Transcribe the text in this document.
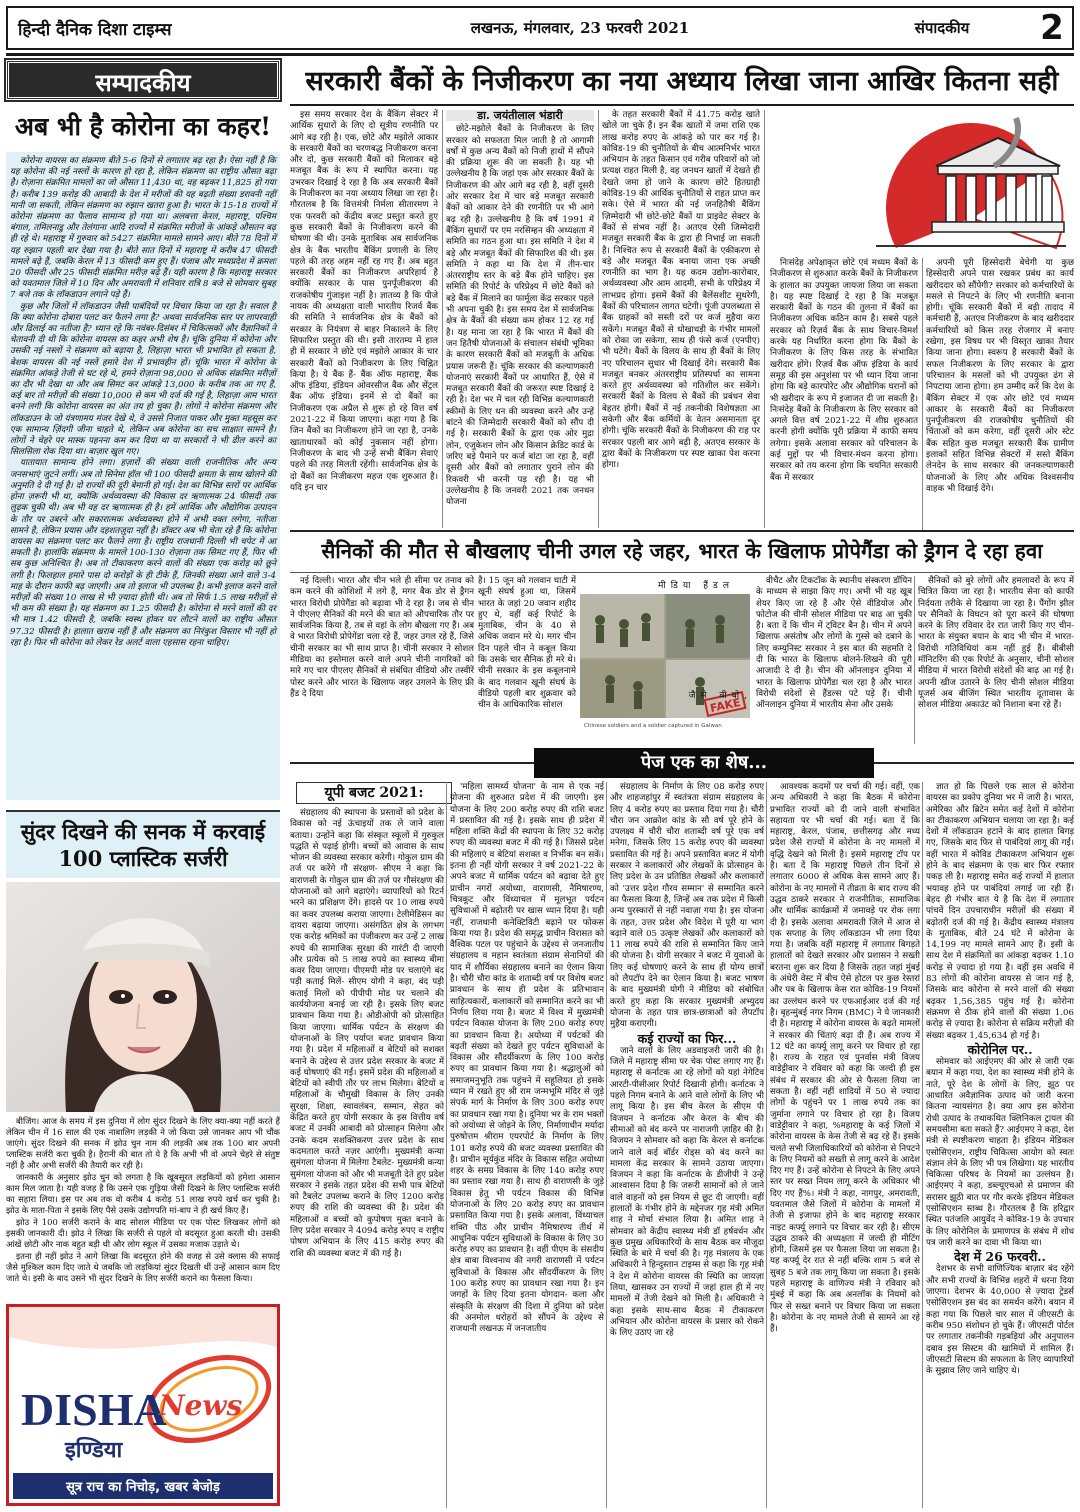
हिन्दी दैनिक दिशा टाइम्स	लखनऊ, मंगलवार, 23 फरवरी 2021	संपादकीय	2
सम्पादकीय
अब भी है कोरोना का कहर!

कोरोना वायरस का संक्रमण बीते 5-6 दिनों से लगातार बढ़ रहा है। ऐसा नहीं है कि यह कोरोना की नई नस्लों के कारण हो रहा है, लेकिन संक्रमण का राष्ट्रीय औसत बढ़ा है। रोज़ाना संक्रमित मामलों का जो औसत 11,430 था, वह बढ़कर 11,825 हो गया है। करीब 139 करोड़ की आबादी के देश में मरीजों की यह बढ़ती संख्या डरावनी नहीं मानी जा सकती, लेकिन संक्रमण का रुझान खतरा हुआ है। भारत के 15-18 राज्यों में कोरोना संक्रमण का फैलाव सामान्य हो गया था। अलबत्ता केरल, महाराष्ट्र, पश्चिम बंगाल, तमिलनाडु और तेलंगाना आदि राज्यों में संक्रमित मरीजों के आंकड़े औसतन बढ़ ही रहे थे। महाराष्ट्र में गुरुवार को 5427 संक्रमित मामले सामने आए। बीते 78 दिनों में यह रुझान पहली बार देखा गया है। बीते सात दिनों में महाराष्ट्र में करीब 47 फीसदी मामले बढ़े हैं, जबकि केरल में 13 फीसदी कम हुए हैं। पंजाब और मध्यप्रदेश में क्रमशः 20 फीसदी और 25 फीसदी संक्रमित मरीज़ बढ़े हैं। यही कारण है कि महाराष्ट्र सरकार को यवतमाल जिले में 10 दिन और अमरावती में शनिवार रात्रि 8 बजे से सोमवार सुबह 7 बजे तक के लॉकडाउन लगाने पड़े हैं।

कुछ और जिलों में लॉकडाउन जैसी पाबंदियों पर विचार किया जा रहा है। सवाल है कि क्या कोरोना दोबारा पलट कर फैलने लगा है? अथवा सार्वजनिक स्तर पर लापरवाही और ढिलाई का नतीजा है? ध्यान रहे कि नवंबर-दिसंबर में चिकित्सकों और वैज्ञानिकों ने चेतावनी दी थी कि कोरोना वायरस का कहर अभी शेष है। चूंकि दुनिया में कोरोना और उसकी नई नस्लों ने संक्रमण को बढ़ाया है, लिहाज़ा भारत भी प्रभावित हो सकता है, बेशक वायरस की नई नस्लें हमारे देश में प्रभावहीन हों। चूंकि भारत में कोरोना के संक्रमित आंकड़े तेजी से घट रहे थे, हमने रोज़ाना 98,000 से अधिक संक्रमित मरीज़ों का दौर भी देखा था और अब सिमट कर आंकड़े 13,000 के करीब तक आ गए हैं, कई बार तो मरीज़ों की संख्या 10,000 से कम भी दर्ज की गई है, लिहाज़ा आम भारत बनने लगी कि कोरोना वायरस का अंत तय हो चुका है। लोगों ने कोरोना संक्रमण और लॉकडाउन के जो यंत्रणामय मंजर देखे थे, वे उससे निजात पाकर और मुक्त महसूस कर एक सामान्य ज़िंदगी जीना चाहते थे, लेकिन अब कोरोना का सच साक्षात सामने है। लोगों ने चेहरे पर मास्क पहनना कम कर दिया था या सरकारों ने भी ढील करने का सिलसिला रोक दिया था। बाज़ार खुल गए।

यातायात सामान्य होने लगा। हज़ारों की संख्या वाली राजनीतिक और अन्य जनसभाएं जुटने लगीं। अब तो सिनेमा हॉल भी 100 फीसदी क्षमता के साथ खोलने की अनुमति दे दी गई है। दो राज्यों की दूरी बेमानी हो गई। देश का विभिन्न स्तरों पर आर्थिक होना ज़रूरी भी था, क्योंकि अर्थव्यवस्था की विकास दर ऋणात्मक 24 फीसदी तक लुढ़क चुकी थी। अब भी वह दर ऋणात्मक ही है। हमें आर्थिक और औद्योगिक उत्पादन के तौर पर उबरने और सकारात्मक अर्थव्यवस्था होने में अभी वक्त लगेगा, नतीजा सामने है, लेकिन प्रयास और दहशतज़ुदा नहीं है। डॉक्टर अब भी चेता रहे हैं कि कोरोना वायरस का संक्रमण पलट कर फैलने लगा है। राष्ट्रीय राजधानी दिल्ली भी चपेट में आ सकती है। हालांकि संक्रमण के मामले 100-130 रोज़ाना तक सिमट गए हैं, फिर भी सब कुछ अनिश्चित है। अब तो टीकाकरण करने वालों की संख्या एक करोड़ को छूने लगी है। फिलहाल हमारे पास दो करोड़ों के ही टीके हैं, जिनकी संख्या आने वाले 3-4 माह के दौरान काफी बढ़ जाएगी। अब तो इलाज भी उपलब्ध है। कभी इलाज करने वाले मरीज़ों की संख्या 10 लाख से भी ज़्यादा होती थी। अब तो सिर्फ 1.5 लाख मरीज़ों से भी कम की संख्या है। यह संक्रमण का 1.25 फीसदी है। कोरोना से मरने वालों की दर भी मात्र 1.42 फीसदी है, जबकि स्वस्थ होकर घर लौटने वालों का राष्ट्रीय औसत 97.32 फीसदी है। हालात खराब नहीं हैं और संक्रमण का निरंकुश विस्तार भी नहीं हो रहा है। फिर भी कोरोना को लेकर रेड अलर्ट वाला एहसास रहना चाहिए।

सुंदर दिखने की सनक में करवाई 100 प्लास्टिक सर्जरी

बीजिंग। आज के समय में इस दुनिया में लोग सुंदर दिखने के लिए क्या-क्या नहीं करते हैं लेकिन चीन में 16 साल की एक नाबालिग लड़की ने जो किया उसे जानकर आप भी चौंक जाएंगे। सुंदर दिखने की सनक में झोउ चुन नाम की लड़की अब तक 100 बार अपनी प्लास्टिक सर्जरी करा चुकी है। हैरानी की बात तो ये है कि अभी भी वो अपने चेहरे से संतुष्ट नहीं है और अभी सर्जरी की तैयारी कर रही है।

जानकारी के अनुसार झोउ चुन को लगता है कि खूबसूरत लड़कियों को हमेशा आसान काम मिल जाता है। यही वजह है कि उसने एक गुड़िया जैसी दिखने के लिए प्लास्टिक सर्जरी का सहारा लिया। इस पर अब तक वो करीब 4 करोड़ 51 लाख रुपये खर्च कर चुकी है। झोउ के माता-पिता ने इसके लिए पैसे उसके उद्योगपति मां-बाप ने ही खर्च किए हैं।

झोउ ने 100 सर्जरी कराने के बाद सोशल मीडिया पर एक पोस्ट लिखकर लोगों को इसकी जानकारी दी। झोउ ने लिखा कि सर्जरी से पहले वो बदसूरत हुआ करती थी। उसकी आंखें छोटी और नाक बहुत बड़ी थी और लोग स्कूल में उसका मजाक उड़ाते थे।

इतना ही नहीं झोउ ने आगे लिखा कि बदसूरत होने की वजह से उसे क्लास की सफाई जैसे मुश्किल काम दिए जाते थे जबकि जो लड़कियां सुंदर दिखती थीं उन्हें आसान काम दिए जाते थे। इसी के बाद उसने भी सुंदर दिखने के लिए सर्जरी कराने का फैसला किया।

DISHA
News
इण्डिया
सूत्र राच का निचोड़, खबर बेजोड़
सरकारी बैंकों के निजीकरण का नया अध्याय लिखा जाना आखिर कितना सही

इस समय सरकार देश के बैंकिंग सेक्टर में आर्थिक सुधारों के लिए दो सूत्रीय रणनीति पर आगे बढ़ रही है। एक, छोटे और मझोले आकार के सरकारी बैंकों का चरणबद्ध निजीकरण करना और दो, कुछ सरकारी बैंकों को मिलाकर बड़े मजबूत बैंक के रूप में स्थापित करना। यह उभरकर दिखाई दे रहा है कि अब सरकारी बैंकों के निजीकरण का नया अध्याय लिखा जा रहा है। गौरतलब है कि वित्तमंत्री निर्मला सीतारमण ने एक फरवरी को केंद्रीय बजट प्रस्तुत करते हुए कुछ सरकारी बैंकों के निजीकरण करने की घोषणा की थी। उनके मुताबिक अब सार्वजनिक क्षेत्र के बैंक भारतीय बैंकिंग प्रणाली के लिए पहले की तरह अहम नहीं रह गए हैं। अब बहुत सरकारी बैंकों का निजीकरण अपरिहार्य है क्योंकि सरकार के पास पुनर्पूंजीकरण की राजकोषीय गुंजाइश नहीं है। ज्ञातव्य है कि पीजे नायक की अध्यक्षता वाली भारतीय रिजर्व बैंक की समिति ने सार्वजनिक क्षेत्र के बैंकों को सरकार के नियंत्रण से बाहर निकालने के लिए सिफारिश प्रस्तुत की थी। इसी तारतम्य में हाल ही में सरकार ने छोटे एवं मझोले आकार के चार सरकारी बैंकों को निजीकरण के लिए चिह्नित किया है। ये बैंक हैं- बैंक ऑफ महाराष्ट्र, बैंक ऑफ इंडिया, इंडियन ओवरसीज बैंक और सेंट्रल बैंक ऑफ इंडिया। इनमें से दो बैंकों का निजीकरण एक अप्रैल से शुरू हो रहे वित्त वर्ष 2021-22 में किया जाएगा। कहा गया है कि जिन बैंकों का निजीकरण होने जा रहा है, उनके खाताधारकों को कोई नुकसान नहीं होगा। निजीकरण के बाद भी उन्हें सभी बैंकिंग सेवाएं पहले की तरह मिलती रहेंगी। सार्वजनिक क्षेत्र के दो बैंकों का निजीकरण महज एक शुरुआत है। यदि इन चार

डा. जयंतीलाल भंडारी

छोटे-मझोले बैंकों के निजीकरण के लिए सरकार को सफलता मिल जाती है तो आगामी वर्षों में कुछ अन्य बैंकों को निजी हाथों में सौंपने की प्रक्रिया शुरू की जा सकती है। यह भी उल्लेखनीय है कि जहां एक ओर सरकार बैंकों के निजीकरण की ओर आगे बढ़ रही है, वहीं दूसरी ओर सरकार देश में चार बड़े मजबूत सरकारी बैंकों को आकार देने की रणनीति पर भी आगे बढ़ रही है। उल्लेखनीय है कि वर्ष 1991 में बैंकिंग सुधारों पर एम नरसिम्हन की अध्यक्षता में समिति का गठन हुआ था। इस समिति ने देश में बड़े और मजबूत बैंकों की सिफारिश की थी। इस समिति ने कहा था कि देश में तीन-चार अंतरराष्ट्रीय स्तर के बड़े बैंक होने चाहिए। इस समिति की रिपोर्ट के परिप्रेक्ष्य में छोटे बैंकों को बड़े बैंक में मिलाने का फार्मूला केंद्र सरकार पहले भी अपना चुकी है। इस समय देश में सार्वजनिक क्षेत्र के बैंकों की संख्या कम होकर 12 रह गई है। यह माना जा रहा है कि भारत में बैंकों की जन हितैषी योजनाओं के संचालन संबंधी भूमिका के कारण सरकारी बैंकों को मजबूती के अधिक प्रयास जरूरी हैं। चूंकि सरकार की कल्याणकारी योजनाएं सरकारी बैंकों पर आधारित हैं, ऐसे में मजबूत सरकारी बैंकों की जरूरत स्पष्ट दिखाई दे रही है। देश भर में चल रही विभिन्न कल्याणकारी स्कीमों के लिए धन की व्यवस्था करने और उन्हें बांटने की जिम्मेदारी सरकारी बैंकों को सौंप दी गई है। सरकारी बैंकों के द्वारा एक ओर मुद्रा लोन, एजुकेशन लोन और किसान क्रेडिट कार्ड के जरिए बड़े पैमाने पर कर्ज बांटा जा रहा है, वहीं दूसरी ओर बैंकों को लगातार पुराने लोन की रिकवरी भी करनी पड़ रही है। यह भी उल्लेखनीय है कि जनवरी 2021 तक जनधन योजना

के तहत सरकारी बैंकों में 41.75 करोड़ खाते खोले जा चुके हैं। इन बैंक खातों में जमा राशि एक लाख करोड़ रुपए के आंकड़े को पार कर गई है। कोविड-19 की चुनौतियों के बीच आत्मनिर्भर भारत अभियान के तहत किसान एवं गरीब परिवारों को जो प्रत्यक्ष राहत मिली है, वह जनधन खातों में देखते ही देखते जमा हो जाने के कारण छोटे हितग्राही कोविड-19 की आर्थिक चुनौतियों से राहत प्राप्त कर सके। ऐसे में भारत की नई जनहितैषी बैंकिंग ज़िम्मेदारी भी छोटे-छोटे बैंकों या प्राइवेट सेक्टर के बैंकों से संभव नहीं है। अतएव ऐसी जिम्मेदारी मजबूत सरकारी बैंक के द्वारा ही निभाई जा सकती है। निश्चित रूप से सरकारी बैंकों के एकीकरण से बड़े और मजबूत बैंक बनाया जाना एक अच्छी रणनीति का भाग है। यह कदम उद्योग-कारोबार, अर्थव्यवस्था और आम आदमी, सभी के परिप्रेक्ष्य में लाभप्रद होगा। इसमें बैंकों की बैलेंसशीट सुधरेगी, बैंकों की परिचालन लागत घटेगी। पूंजी उपलब्धता से बैंक ग्राहकों को सस्ती दरों पर कर्ज मुहैया करा सकेंगे। मजबूत बैंकों से धोखाधड़ी के गंभीर मामलों को रोका जा सकेगा, साथ ही फंसे कर्ज (एनपीए) भी घटेंगे। बैंकों के विलय के साथ ही बैंकों के लिए नए परिचालन सुधार भी दिखाई देंगे। सरकारी बैंक मजबूत बनकर अंतरराष्ट्रीय प्रतिस्पर्धा का सामना करते हुए अर्थव्यवस्था को गतिशील कर सकेंगे। सरकारी बैंकों के विलय से बैंकों की प्रबंधन सेवा बेहतर होगी। बैंकों में नई तकनीकी विशेषज्ञता आ सकेगी और बैंक कर्मियों के वेतन असमानता दूर होगी। चूंकि सरकारी बैंकों के निजीकरण की राह पर सरकार पहली बार आगे बढ़ी है, अतएव सरकार के द्वारा बैंकों के निजीकरण पर स्पष्ट खाका पेश करना होगा।

निःसंदेह अपेक्षाकृत छोटे एवं मध्यम बैंकों के निजीकरण से शुरुआत करके बैंकों के निजीकरण के हालात का उपयुक्त जायजा लिया जा सकता है। यह स्पष्ट दिखाई दे रहा है कि मजबूत सरकारी बैंकों के गठन की तुलना में बैंकों का निजीकरण अधिक कठिन काम है। सबसे पहले सरकार को रिज़र्व बैंक के साथ विचार-विमर्श करके यह निर्धारित करना होगा कि बैंकों के निजीकरण के लिए किस तरह के संभावित खरीदार होंगे। रिज़र्व बैंक ऑफ इंडिया के कार्य समूह की इस अनुशंसा पर भी ध्यान दिया जाना होगा कि बड़े कारपोरेट और औद्योगिक घरानों को भी खरीदार के रूप में इजाजत दी जा सकती है। निःसंदेह बैंकों के निजीकरण के लिए सरकार को अगले वित्त वर्ष 2021-22 में शीघ्र शुरुआत करनी होगी क्योंकि पूरी प्रक्रिया में काफी समय लगेगा। इसके अलावा सरकार को परिचालन के कई मुद्दों पर भी विचार-मंथन करना होगा। सरकार को तय करना होगा कि चयनित सरकारी बैंक में सरकार

अपनी पूरी हिस्सेदारी बेचेगी या कुछ हिस्सेदारी अपने पास रखकर प्रबंध का कार्य खरीददार को सौंपेगी? सरकार को कर्मचारियों के मसले से निपटने के लिए भी रणनीति बनाना होगी। चूंकि सरकारी बैंकों में बड़ी तादाद में कर्मचारी हैं, अतएव निजीकरण के बाद खरीददार कर्मचारियों को किस तरह रोजगार में बनाए रखेगा, इस विषय पर भी विस्तृत खाका तैयार किया जाना होगा। स्वरूप है सरकारी बैंकों के सफल निजीकरण के लिए सरकार के द्वारा परिचालन के मसलों को भी उपयुक्त ढंग से निपटाया जाना होगा। हम उम्मीद करें कि देश के बैंकिंग सेक्टर में एक ओर छोटे एवं मध्यम आकार के सरकारी बैंकों का निजीकरण पुनर्पूंजीकरण की राजकोषीय चुनौतियों की चिंताओं को कम करेगा, वहीं दूसरी ओर स्टेट बैंक सहित कुछ मजबूत सरकारी बैंक ग्रामीण इलाकों सहित विभिन्न सेक्टरों में सस्ते बैंकिंग लेनदेन के साथ सरकार की जनकल्याणकारी योजनाओं के लिए और अधिक विश्वसनीय वाहक भी दिखाई देंगे।

सैनिकों की मौत से बौखलाए चीनी उगल रहे जहर, भारत के खिलाफ प्रोपेगैंडा को ड्रैगन दे रहा हवा

नई दिल्ली। भारत और चीन भले ही सीमा पर तनाव को कम करने की कोशिशों में लगे हैं, मगर बैक डोर से ड्रैगन भारत विरोधी प्रोपेगैंडा को बढ़ावा भी दे रहा है। जब से चीन ने पीएलए सैनिकों की मरने की बात को औपचारिक तौर पर सार्वजनिक किया है, तब से वहां के लोग बौखला गए हैं। अब वे भारत विरोधी प्रोपेगेंडा चला रहे हैं, जहर उगल रहे हैं, जिसे चीनी सरकार का भी साथ प्राप्त है। चीनी सरकार ने सोशल मीडिया का इस्तेमाल करने वाले अपने चीनी नागरिकों को मारे गए चार पीएलए सैनिकों से संबंधित वीडियो और तस्वीरें पोस्ट करने और भारत के खिलाफ जहर उगलने के लिए फ्री हैंड दे दिया

है। 15 जून को गलवान घाटी में खूनी संघर्ष हुआ था, जिसमें भारत के जहां 20 जवान शहीद हुए थे, वहीं कई रिपोर्ट के मुताबिक, चीन के 40 से अधिक जवान मरे थे। मगर चीन दिन पहले चीन ने कबूल किया कि उसके चार सैनिक ही मरे थे। चीनी सरकार के इस कबूलनामे के बाद गलवान खूनी संघर्ष के वीडियो पहली बार शुक्रवार को चीन के आधिकारिक सोशल

मीडिया हैंडल
Chinese soldiers and a soldier captured in Galwan
FAKE
जैसे वीबो,

वीचैट और टिकटॉक के स्थानीय संस्करण डॉयिन के माध्यम से साझा किए गए। अभी भी यह खूब शेयर किए जा रहे हैं और ऐसे वीडियोज और फोटोज की चीनी सोशल मीडिया पर बाढ़ आ चुकी है। बता दें कि चीन में ट्विटर बैन है। चीन में अपने खिलाफ असंतोष और लोगों के गुस्से को दबाने के लिए कम्युनिस्ट सरकार ने इस बात की सहमति दे दी कि भारत के खिलाफ बोलने-लिखने की पूरी आजादी दे दी है। चीन की ऑनलाइन दुनिया में भारत के खिलाफ प्रोपेगैंडा चल रहा है और भारत विरोधी संदेशों से हैंडल्स पटे पड़े हैं। चीनी ऑनलाइन दुनिया में भारतीय सेना और उसके

सैनिकों को बुरे लोगों और हमलावरों के रूप में चित्रित किया जा रहा है। भारतीय सेना को काफी निर्दयता तरीके से दिखाया जा रहा है। पैंगोंग झील पर सैनिकों के विघटन को पूरा करने की घोषणा करने के लिए रविवार देर रात जारी किए गए चीन-भारत के संयुक्त बयान के बाद भी चीन में भारत-विरोधी गतिविधियां कम नहीं हुई हैं। बीबीसी मॉनिटरिंग की एक रिपोर्ट के अनुसार, चीनी सोशल मीडिया में भारत विरोधी संदेशों की बाढ़ आ गई है। अपनी खीज उतारने के लिए चीनी सोशल मीडिया यूजर्स अब बीजिंग स्थित भारतीय दूतावास के सोशल मीडिया अकाउंट को निशाना बना रहे हैं।

पेज एक का शेष...
यूपी बजट 2021:

संग्रहालय की स्थापना के प्रस्तावों को प्रदेश के विकास को नई ऊंचाइयों तक ले जाने वाला बताया। उन्होंने कहा कि संस्कृत स्कूलों में गुरुकुल पद्धति से पढ़ाई होगी। बच्चों को आवास के साथ भोजन की व्यवस्था सरकार करेगी। गोकुल ग्राम की तर्ज पर करेंगे गौ संरक्षण- सीएम ने कहा कि वाराणसी के गोकुल ग्राम की तर्ज पर गौसंरक्षण की योजनाओं को आगे बढ़ाएंगे। व्यापारियों को रिटर्न भरने का प्रशिक्षण देंगे। हादसे पर 10 लाख रुपये का कवर उपलब्ध कराया जाएगा। टेलीमेडिसन का दायरा बढ़ाया जाएगा। असंगठित क्षेत्र के लगभग एक करोड़ श्रमिकों का पंजीकरण कर उन्हें 2 लाख रुपये की सामाजिक सुरक्षा की गारंटी दी जाएगी और प्रत्येक को 5 लाख रुपये का स्वास्थ्य बीमा कवर दिया जाएगा। पीएमपी मोड पर चलाएंगे बंद पड़ी कताई मिलें- सीएम योगी ने कहा, बंद पड़ी कताई मिलों को पीपीपी मोड पर चलाने की कार्ययोजना बनाई जा रही है। इसके लिए बजट प्रावधान किया गया है। ओडीओपी को प्रोत्साहित किया जाएगा। धार्मिक पर्यटन के संरक्षण की योजनाओं के लिए पर्याप्त बजट प्रावधान किया गया है। प्रदेश में महिलाओं व बेटियों को सशक्त बनाने के उद्देश्य से उत्तर प्रदेश सरकार के बजट में कई घोषणाएं की गईं। इसमें प्रदेश की महिलाओं व बेटियों को स्वीपी तौर पर लाभ मिलेगा। बेटियों व महिलाओं के चौमुखी विकास के लिए उनकी सुरक्षा, शिक्षा, स्वावलंबन, सम्मान, सेहत को केंद्रित करते हुए योगी सरकार के इस वित्तीय वर्ष बजट में उनकी आबादी को प्रोत्साहन मिलेगा और उनके कदम सशक्तिकरण उत्तर प्रदेश के साथ कदमताल करते नज़र आएंगी। मुख्यमंत्री कन्या सुमंगला योजना में मिलेगा टैबलेट- मुख्यमंत्री कन्या सुमंगला योजना को और भी मजबूती देते हुए प्रदेश सरकार ने इसके तहत प्रदेश की सभी पात्र बेटियों को टैबलेट उपलब्ध कराने के लिए 1200 करोड़ रुपए की राशि की व्यवस्था की है। प्रदेश की महिलाओं व बच्चों को कुपोषण मुक्त बनाने के लिए प्रदेश सरकार ने 4094 करोड़ रुपए व राष्ट्रीय पोषण अभियान के लिए 415 करोड़ रुपए की राशि की व्यवस्था बजट में की गई है।

'महिला सामर्थ्य योजना' के नाम से एक नई योजना की शुरुआत प्रदेश में की जाएगी। इस योजना के लिए 200 करोड़ रुपए की राशि बजट में प्रस्तावित की गई है। इसके साथ ही प्रदेश में महिला शक्ति केंद्रों की स्थापना के लिए 32 करोड़ रुपए की व्यवस्था बजट में की गई है। जिससे प्रदेश की महिलाएं व बेटियां सशक्त व निर्भीक बन सकें। इतना ही नहीं योगी सरकार ने वर्ष 2021-22 के अपने बजट में धार्मिक पर्यटन को बढ़ावा देते हुए प्राचीन नगरों अयोध्या, वाराणसी, नैमिषारण्य, चित्रकूट और विंध्याचल में मूलभूत पर्यटन सुविधाओं में बढ़ोतरी पर खास ध्यान दिया है। यही नहीं, राजधानी कनेक्टिविटी बढ़ाने पर फोकस किया गया है। प्रदेश की समृद्ध प्राचीन विरासत को वैश्विक पटल पर पहुंचाने के उद्देश्य से जनजातीय संग्रहालय व महान स्वतंत्रता संग्राम सेनानियों की याद में शौर्यिका संग्रहालय बनाने का ऐलान किया है। चौरी चौरा कांड के शताब्दी वर्ष पर विशेष बजट प्रावधान के साथ ही प्रदेश के प्रतिभावान साहित्यकारों, कलाकारों को सम्मानित करने का भी निर्णय लिया गया है। बजट में विश्व में मुख्यमंत्री पर्यटन विकास योजना के लिए 200 करोड़ रुपए का प्रावधान किया है। अयोध्या में पर्यटकों की बढ़ती संख्या को देखते हुए पर्यटन सुविधाओं के विकास और सौंदर्यीकरण के लिए 100 करोड़ रुपए का प्रावधान किया गया है। श्रद्धालुओं को समाजमनुभूति तक पहुंचने में सहूलियत हो इसके ध्यान में रखते हुए श्री राम जन्मभूमि मंदिर से जुड़े संपर्क मार्ग के निर्माण के लिए 300 करोड़ रुपए का प्रावधान रखा गया है। दुनिया भर के राम भक्तों को अयोध्या से जोड़ने के लिए, निर्माणाधीन मर्यादा पुरुषोत्तम श्रीराम एयरपोर्ट के निर्माण के लिए 101 करोड़ रुपये की बजट व्यवस्था प्रस्तावित की है। प्राचीन सूर्यकुंड मंदिर के विकास सहित अयोध्या शहर के समग्र विकास के लिए 140 करोड़ रुपए का प्रस्ताव रखा गया है। साथ ही वाराणसी के जुड़े विकास हेतु भी पर्यटन विकास की विभिन्न योजनाओं के लिए 20 करोड़ रुपए का प्रावधान प्रस्तावित किया गया है। इसके अलावा, विंध्याचल शक्ति पीठ और प्राचीन नैमिषारण्य तीर्थ में आधुनिक पर्यटन सुविधाओं के विकास के लिए 30 करोड़ रुपए का प्रावधान है। वहीं पीएम के संसदीय क्षेत्र बाबा विश्वनाथ की नगरी वाराणसी में पर्यटन सुविधाओं के विकास और सौंदर्यीकरण के लिए 100 करोड़ रुपए का प्रावधान रखा गया है। इन जगहों के लिए दिया इतना योगदान- कला और संस्कृति के संरक्षण की दिशा में दुनिया को प्रदेश की अनमोल धरोहरों को सौंपने के उद्देश्य से राजधानी लखनऊ में जनजातीय

संग्रहालय के निर्माण के लिए 08 करोड़ रुपए और शाहजहांपुर में स्वतंत्रता संग्राम संग्रहालय के लिए 4 करोड़ रुपए का प्रस्ताव दिया गया है। चौरी चौरा जन आक्रोश कांड के सौ वर्ष पूरे होने के उपलक्ष्य में चौरी चौरा शताब्दी वर्ष पूरे एक वर्ष मनेगा, जिसके लिए 15 करोड़ रुपए की व्यवस्था प्रस्तावित की गई है। अपने प्रस्तावित बजट में योगी सरकार ने कलाकारों और लेखकों के प्रोत्साहन के लिए प्रदेश के उन प्रतिष्ठित लेखकों और कलाकारों को 'उत्तर प्रदेश गौरव सम्मान' से सम्मानित करने का फैसला किया है, जिन्हें अब तक प्रदेश में किसी अन्य पुरस्कारों से नहीं नवाज़ा गया है। इस योजना के तहत, उत्तर प्रदेश और विदेश में पूरी या भाग बढ़ाने वाले 05 उत्कृष्ट लेखकों और कलाकारों को 11 लाख रुपये की राशि से सम्मानित किए जाने की योजना है। योगी सरकार ने बजट में युवाओं के लिए कई घोषणाएं करने के साथ ही योग्य छात्रों को लैपटॉप देने का ऐलान किया है। बजट भाषण के बाद मुख्यमंत्री योगी ने मीडिया को संबोधित करते हुए कहा कि सरकार मुख्यमंत्री अभ्युदय योजना के तहत पात्र छात्र-छात्राओं को लैपटॉप मुहैया कराएगी।

कई राज्यों का फिर...

जाने वालों के लिए अडवाइजरी जारी की है। जिले में महाराष्ट्र सीमा पर चेक पोस्ट लगाए गए हैं। महाराष्ट्र से कर्नाटक आ रहे लोगों को यहां नेगेटिव आरटी-पीसीआर रिपोर्ट दिखानी होगी। कर्नाटक ने पहले निगम बनाने के आने वाले लोगों के लिए भी लागू किया है। इस बीच केरल के सीएम पी विजयन ने कर्नाटक और केरल के बीच की सीमाओं को बंद करने पर नाराजगी ज़ाहिर की है। विजयन ने सोमवार को कहा कि केरल से कर्नाटक जाने वाले कई बॉर्डर रोड्स को बंद करने का मामला केंद्र सरकार के सामने उठाया जाएगा। विजयन ने कहा कि कर्नाटक के डीजीपी ने उन्हें आश्वासन दिया है कि जरूरी सामानों को ले जाने वाले वाहनों को इस नियम से छूट दी जाएगी। वहीं हालातों के गंभीर होने के मद्देनजर गृह मंत्री अमित शाह ने मोर्चा संभाल लिया है। अमित शाह ने सोमवार को केंद्रीय स्वास्थ्य मंत्री डॉ हर्षवर्धन और कुछ प्रमुख अधिकारियों के साथ बैठक कर मौजूदा स्थिति के बारे में चर्चा की है। गृह मंत्रालय के एक अधिकारी ने हिन्दुस्तान टाइम्स से कहा कि गृह मंत्री ने देश में कोरोना वायरस की स्थिति का जायज़ा लिया, खासकर उन राज्यों में जहां हाल ही में नए मामलों में तेजी देखने को मिली है। अधिकारी ने कहा इसके साथ-साथ बैठक में टीकाकरण अभियान और कोरोना वायरस के प्रसार को रोकने के लिए उठाए जा रहे

आवश्यक कदमों पर चर्चा की गई। वहीं, एक अन्य अधिकारी ने कहा कि बैठक में कोरोना प्रभावित राज्यों को दी जाने वाली संभावित सहायता पर भी चर्चा की गई। बता दें कि महाराष्ट्र, केरल, पंजाब, छत्तीसगढ़ और मध्य प्रदेश जैसे राज्यों में कोरोना के नए मामलों में वृद्धि देखने को मिली है। इसमें महाराष्ट्र टॉप पर है। बता दें कि महाराष्ट्र पिछले तीन दिनों से लगातार 6000 से अधिक केस सामने आए हैं। कोरोना के नए मामलों में तीव्रता के बाद राज्य की उद्धव ठाकरे सरकार ने राजनीतिक, सामाजिक और धार्मिक कार्यक्रमों में जमावड़े पर रोक लगा दी है। इसके अलावा अमरावती जिले में आज से एक सप्ताह के लिए लॉकडाउन भी लगा दिया गया है। जबकि वहीं महाराष्ट्र में लगातार बिगड़ते हालातों को देखते सरकार और प्रशासन ने सख्ती बरतना शुरू कर दिया है जिसके तहत जहां मुंबई के अंधेरी वेस्ट में बीच ऐसे होटल पर कुछ रेस्तरां और पब के खिलाफ केस रात कोविड-19 नियमों का उल्लंघन करने पर एफआईआर दर्ज की गई है। बृहन्मुंबई नगर निगम (BMC) ने ये जानकारी दी है। महाराष्ट्र में कोरोना वायरस के बढ़ते मामलों ने सरकार की चिंताएं बढ़ा दी हैं। अब राज्य में 12 घंटे का कर्फ्यू लागू करने पर विचार हो रहा है। राज्य के राहत एवं पुनर्वास मंत्री विजय वाडेट्टीवार ने रविवार को कहा कि जल्दी ही इस संबंध में सरकार की ओर से फैसला लिया जा सकता है। वहीं नहीं शादियों में 50 से ज्यादा लोगों के पहुंचने पर 1 लाख रुपये तक का जुर्माना लगाने पर विचार हो रहा है। विजय वाडेट्टीवार ने कहा, %महाराष्ट्र के कई जिलों में कोरोना वायरस के केस तेजी से बढ़ रहे हैं। इसके चलते सभी जिलाधिकारियों को कोरोना से निपटने के लिए नियमों को सख्ती से लागू करने के आदेश दिए गए हैं। उन्हें कोरोना से निपटने के लिए अपने स्तर पर सख्त नियम लागू करने के अधिकार भी दिए गए हैं%। मंत्री ने कहा, नागपुर, अमरावती, यवतमाल जैसे जिलों में कोरोना के मामलों में तेजी से इजाफा होने के बाद महाराष्ट्र सरकार नाइट कर्फ्यू लगाने पर विचार कर रही है। सीएम उद्धव ठाकरे की अध्यक्षता में जल्दी ही मीटिंग होगी, जिसमें इस पर फैसला लिया जा सकता है। यह कर्फ्यू देर रात से नहीं बल्कि शाम 5 बजे से सुबह 5 बजे तक लागू किया जा सकता है। इसके पहले महाराष्ट्र के वाणिज्य मंत्री ने रविवार को मुंबई में कहा कि अब अनलॉक के नियमों को फिर से सख्त बनाने पर विचार किया जा सकता है। कोरोना के नए मामले तेजी से सामने आ रहे हैं।

ज्ञात हो कि पिछले एक साल से कोरोना वायरस का प्रकोप दुनिया भर में जारी है। भारत, अमेरिका और ब्रिटेन समेत कई देशों में कोरोना का टीकाकरण अभियान चलाया जा रहा है। कई देशों में लॉकडाउन हटाने के बाद हालात बिगड़ गए, जिसके बाद फिर से पाबंदियां लागू की गईं। वहीं भारत में कोविड टीकाकरण अभियान शुरू होने के बाद संक्रमण के एक बार फिर रफ्तार पकड़ ली है। महाराष्ट्र समेत कई राज्यों में हालात भयावह होने पर पाबंदियां लगाई जा रही हैं। बेहद ही गंभीर बात ये है कि देश में लगातार पांचवें दिन उपचाराधीन मरीज़ों की संख्या में बढ़ोतरी दर्ज की गई है। केंद्रीय स्वास्थ्य मंत्रालय के मुताबिक, बीते 24 घंटे में कोरोना के 14,199 नए मामले सामने आए हैं। इसी के साथ देश में संक्रमितों का आंकड़ा बढ़कर 1.10 करोड़ से ज़्यादा हो गया है। वहीं इस अवधि में 83 लोगों की कोरोना वायरस से जान गई है, जिसके बाद कोरोना से मरने वालों की संख्या बढ़कर 1,56,385 पहुंच गई है। कोरोना संक्रमण से ठीक होने वालों की संख्या 1.06 करोड़ से ज़्यादा है। कोरोना से सक्रिय मरीज़ों की संख्या बढ़कर 1,45,634 हो गई है।

कोरोनिल पर..

सोमवार को आईएमए की ओर से जारी एक बयान में कहा गया, देश का स्वास्थ्य मंत्री होने के नाते, पूरे देश के लोगों के लिए, झूठ पर आधारित अवैज्ञानिक उत्पाद को जारी करना कितना न्यायसंगत है। क्या आप इस कोरोना रोधी उत्पाद के तथाकथित क्लिनिकल ट्रायल की समयसीमा बता सकते हैं? आईएमए ने कहा, देश मंत्री से स्पष्टीकरण चाहता है। इंडियन मेडिकल एसोसिएशन, राष्ट्रीय चिकित्सा आयोग को स्वतः संज्ञान लेने के लिए भी पत्र लिखेगा। यह भारतीय चिकित्सा परिषद के नियमों का उल्लंघन है। आईएमए ने कहा, डब्ल्यूएचओ से प्रमाणन की सरासर झूठी बात पर गौर करके इंडियन मेडिकल एसोसिएशन स्तब्ध है। गौरतलब है कि हरिद्वार स्थित पतंजलि आयुर्वेद ने कोविड-19 के उपचार के लिए कोरोनिल के प्रमाणपत्र के संबंध में शोध पत्र जारी करने का दावा भी किया था।

देश में 26 फरवरी..

देशभर के सभी वाणिज्यिक बाज़ार बंद रहेंगे और सभी राज्यों के विभिन्न शहरों में धरना दिया जाएगा। देशभर के 40,000 से ज़्यादा ट्रेडर्स एसोसिएशन इस बंद का समर्थन करेंगे। बयान में कहा गया कि पिछले चार साल में जीएसटी के करीब 950 संशोधन हो चुके हैं। जीएसटी पोर्टल पर लगातार तकनीकी गड़बड़ियां और अनुपालन दबाव इस सिस्टम की खामियों में शामिल हैं। जीएसटी सिस्टम की सफलता के लिए व्यापारियों के सुझाव लिए जाने चाहिए थे।
